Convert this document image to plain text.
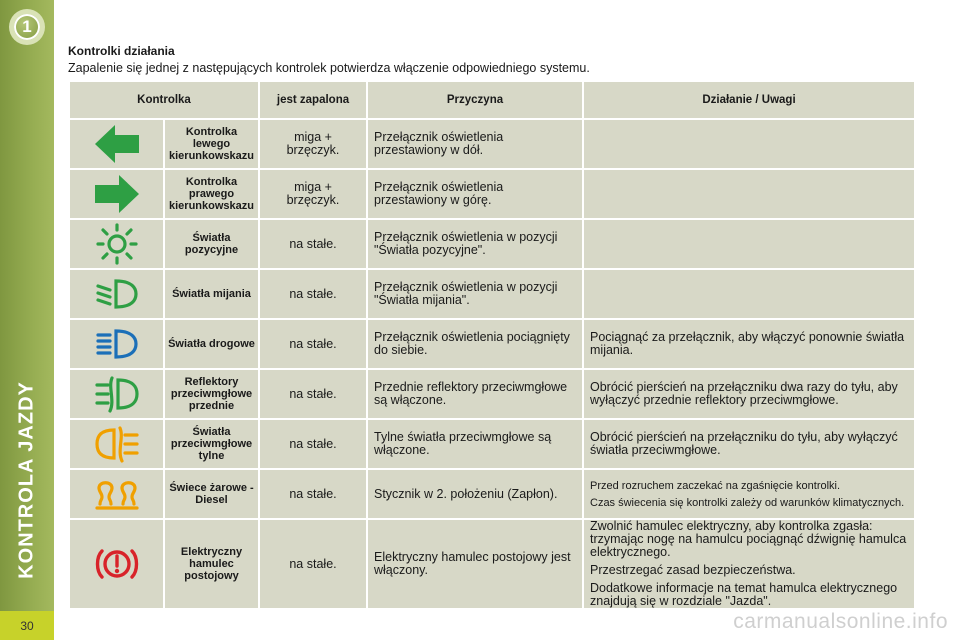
1
KONTROLA JAZDY
30
Kontrolki działania
Zapalenie się jednej z następujących kontrolek potwierdza włączenie odpowiedniego systemu.
Kontrolka		jest zapalona	Przyczyna	Działanie / Uwagi

	Kontrolka lewego kierunkowskazu	miga + brzęczyk.	Przełącznik oświetlenia przestawiony w dół.	

	Kontrolka prawego kierunkowskazu	miga + brzęczyk.	Przełącznik oświetlenia przestawiony w górę.	

	Światła pozycyjne	na stałe.	Przełącznik oświetlenia w pozycji "Światła pozycyjne".	

	Światła mijania	na stałe.	Przełącznik oświetlenia w pozycji "Światła mijania".	

	Światła drogowe	na stałe.	Przełącznik oświetlenia pociągnięty do siebie.	Pociągnąć za przełącznik, aby włączyć ponownie światła mijania.

	Reflektory przeciwmgłowe przednie	na stałe.	Przednie reflektory przeciwmgłowe są włączone.	Obrócić pierścień na przełączniku dwa razy do tyłu, aby wyłączyć przednie reflektory przeciwmgłowe.

	Światła przeciwmgłowe tylne	na stałe.	Tylne światła przeciwmgłowe są włączone.	Obrócić pierścień na przełączniku do tyłu, aby wyłączyć światła przeciwmgłowe.

	Świece żarowe - Diesel	na stałe.	Stycznik w 2. położeniu (Zapłon).	Przed rozruchem zaczekać na zgaśnięcie kontrolki.

Czas świecenia się kontrolki zależy od warunków klimatycznych.

	Elektryczny hamulec postojowy	na stałe.	Elektryczny hamulec postojowy jest włączony.	Zwolnić hamulec elektryczny, aby kontrolka zgasła: trzymając nogę na hamulcu pociągnąć dźwignię hamulca elektrycznego.

Przestrzegać zasad bezpieczeństwa.

Dodatkowe informacje na temat hamulca elektrycznego znajdują się w rozdziale "Jazda".

carmanualsonline.info
